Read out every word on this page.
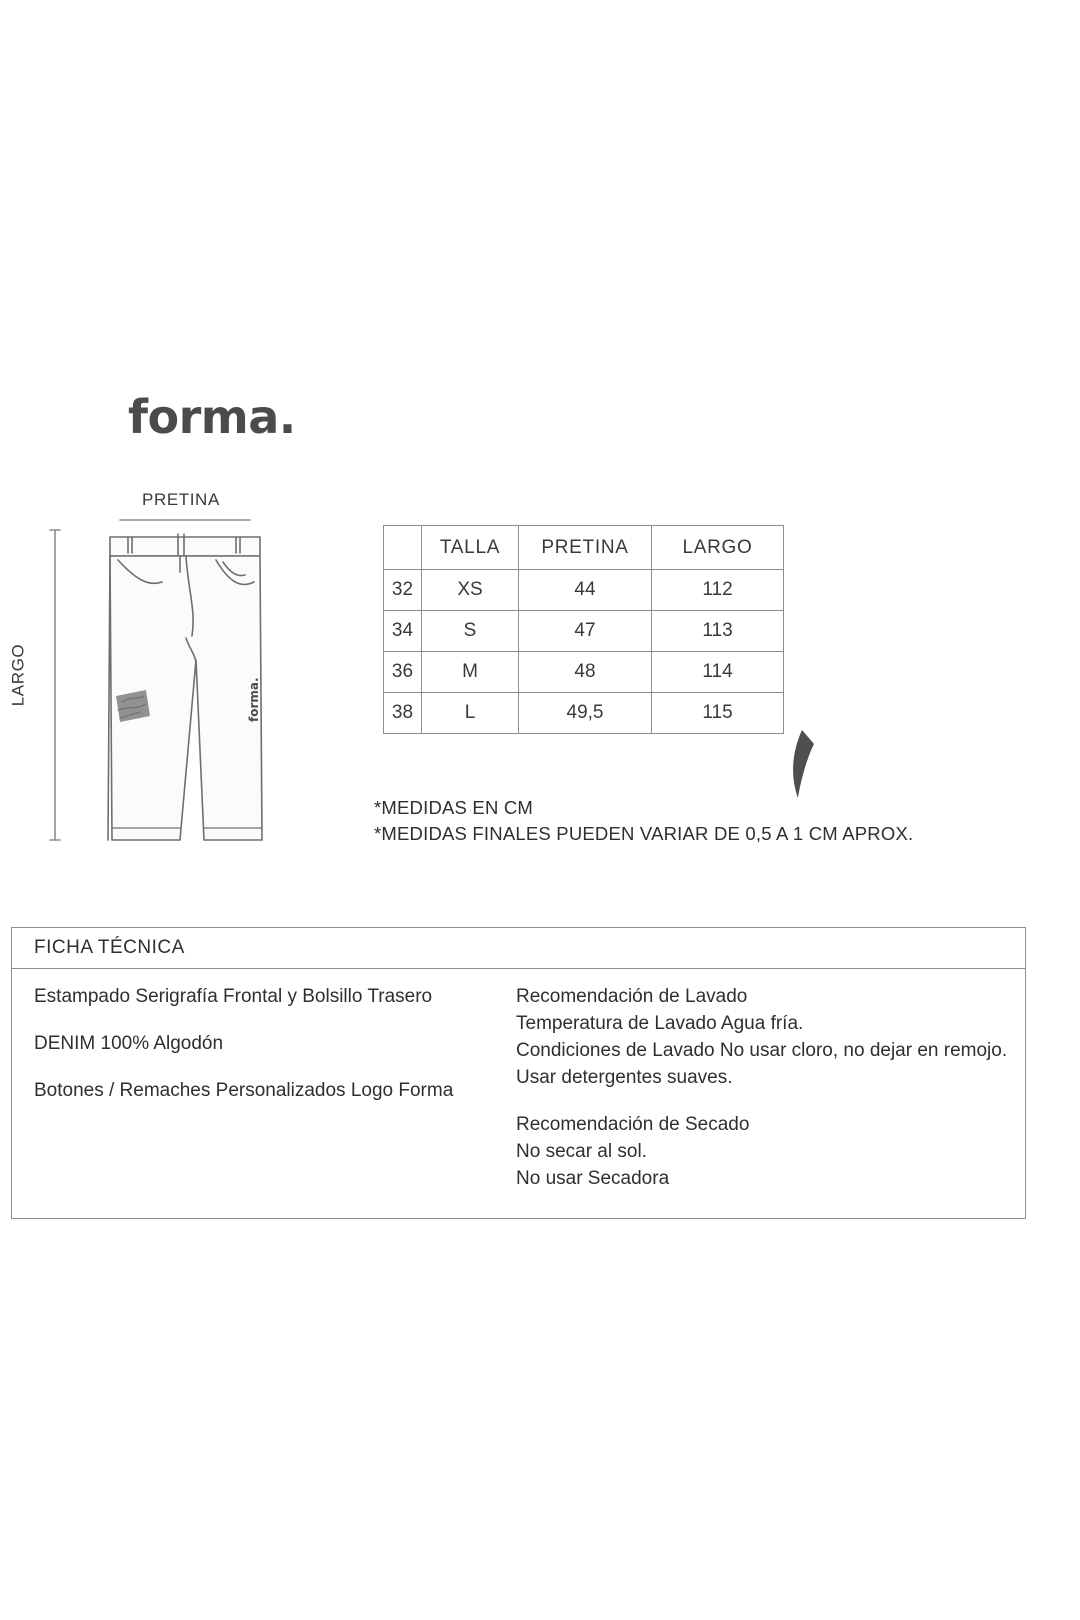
forma.
PRETINA
LARGO	forma.
	TALLA	PRETINA	LARGO
32	XS	44	112
34	S	47	113
36	M	48	114
38	L	49,5	115
*MEDIDAS EN CM
*MEDIDAS FINALES PUEDEN VARIAR DE 0,5 A 1 CM APROX.
FICHA TÉCNICA

Estampado Serigrafía Frontal y Bolsillo Trasero

DENIM 100% Algodón

Botones / Remaches Personalizados Logo Forma

Recomendación de Lavado

Temperatura de Lavado Agua fría.

Condiciones de Lavado No usar cloro, no dejar en remojo.

Usar detergentes suaves.

Recomendación de Secado

No secar al sol.

No usar Secadora
